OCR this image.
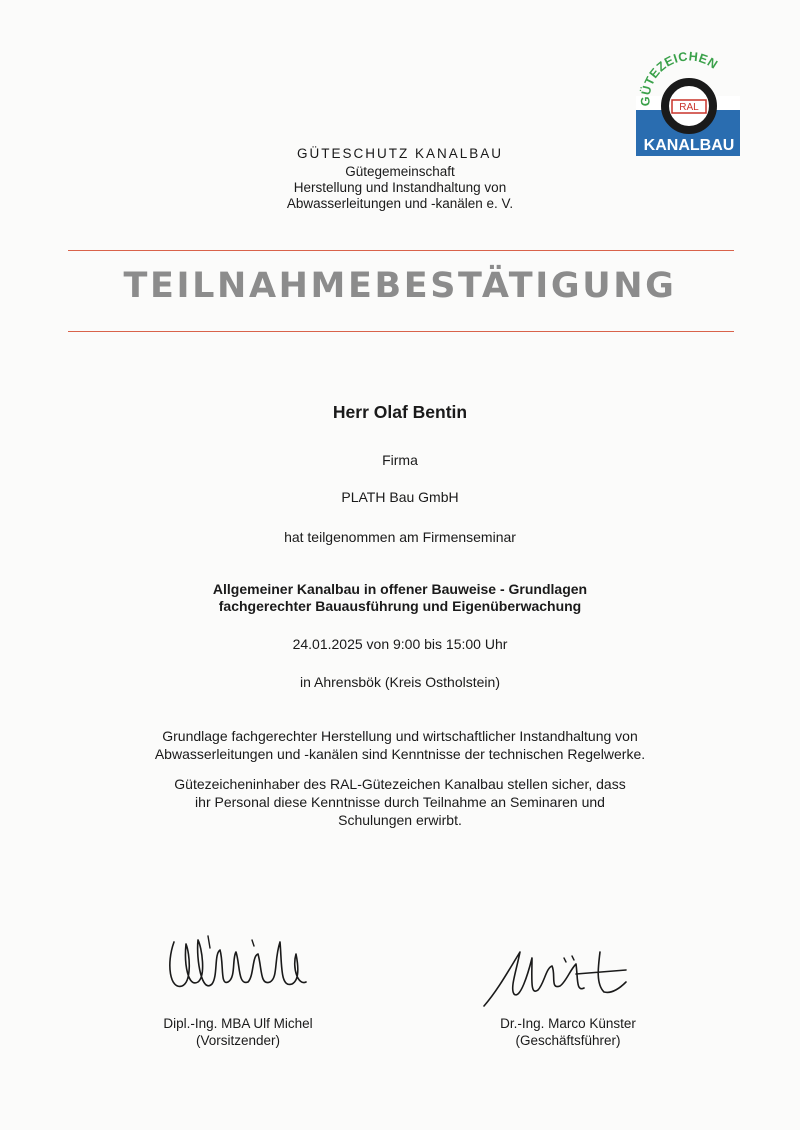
RAL
GÜTEZEICHEN
KANALBAU
GÜTESCHUTZ KANALBAU
Gütegemeinschaft
Herstellung und Instandhaltung von
Abwasserleitungen und -kanälen e. V.
TEILNAHMEBESTÄTIGUNG
Herr Olaf Bentin
Firma
PLATH Bau GmbH
hat teilgenommen am Firmenseminar
Allgemeiner Kanalbau in offener Bauweise - Grundlagen
fachgerechter Bauausführung und Eigenüberwachung
24.01.2025 von 9:00 bis 15:00 Uhr
in Ahrensbök (Kreis Ostholstein)
Grundlage fachgerechter Herstellung und wirtschaftlicher Instandhaltung von
Abwasserleitungen und -kanälen sind Kenntnisse der technischen Regelwerke.
Gütezeicheninhaber des RAL-Gütezeichen Kanalbau stellen sicher, dass
ihr Personal diese Kenntnisse durch Teilnahme an Seminaren und
Schulungen erwirbt.
Dipl.-Ing. MBA Ulf Michel
(Vorsitzender)
Dr.-Ing. Marco Künster
(Geschäftsführer)
